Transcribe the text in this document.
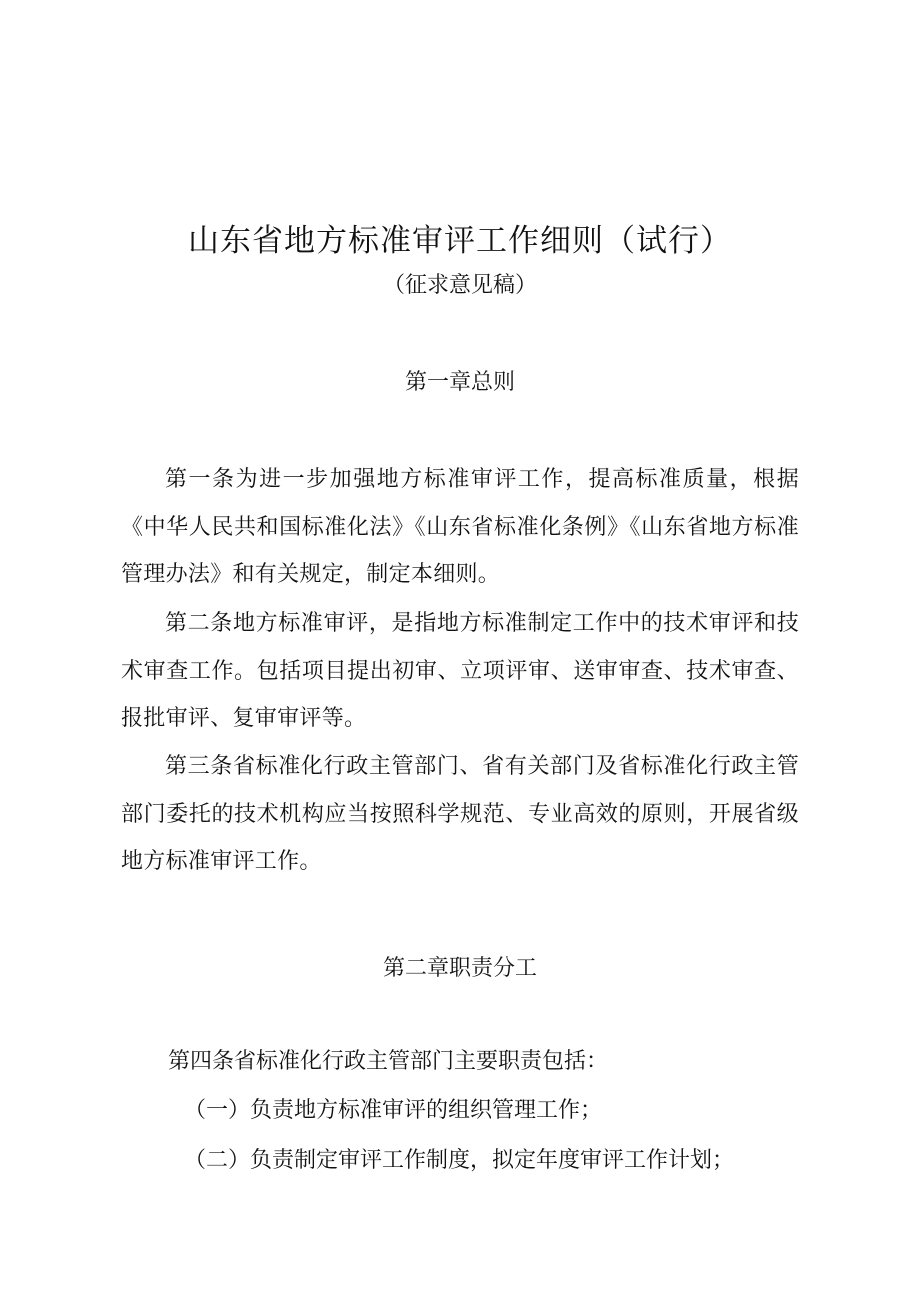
山东省地方标准审评工作细则（试行）
（征求意见稿）
第一章总则

第一条为进一步加强地方标准审评工作，提高标准质量，根据《中华人民共和国标准化法》《山东省标准化条例》《山东省地方标准管理办法》和有关规定，制定本细则。

第二条地方标准审评，是指地方标准制定工作中的技术审评和技术审查工作。包括项目提出初审、立项评审、送审审查、技术审查、报批审评、复审审评等。

第三条省标准化行政主管部门、省有关部门及省标准化行政主管部门委托的技术机构应当按照科学规范、专业高效的原则，开展省级地方标准审评工作。

第二章职责分工

第四条省标准化行政主管部门主要职责包括：

（一）负责地方标准审评的组织管理工作；

（二）负责制定审评工作制度，拟定年度审评工作计划；
